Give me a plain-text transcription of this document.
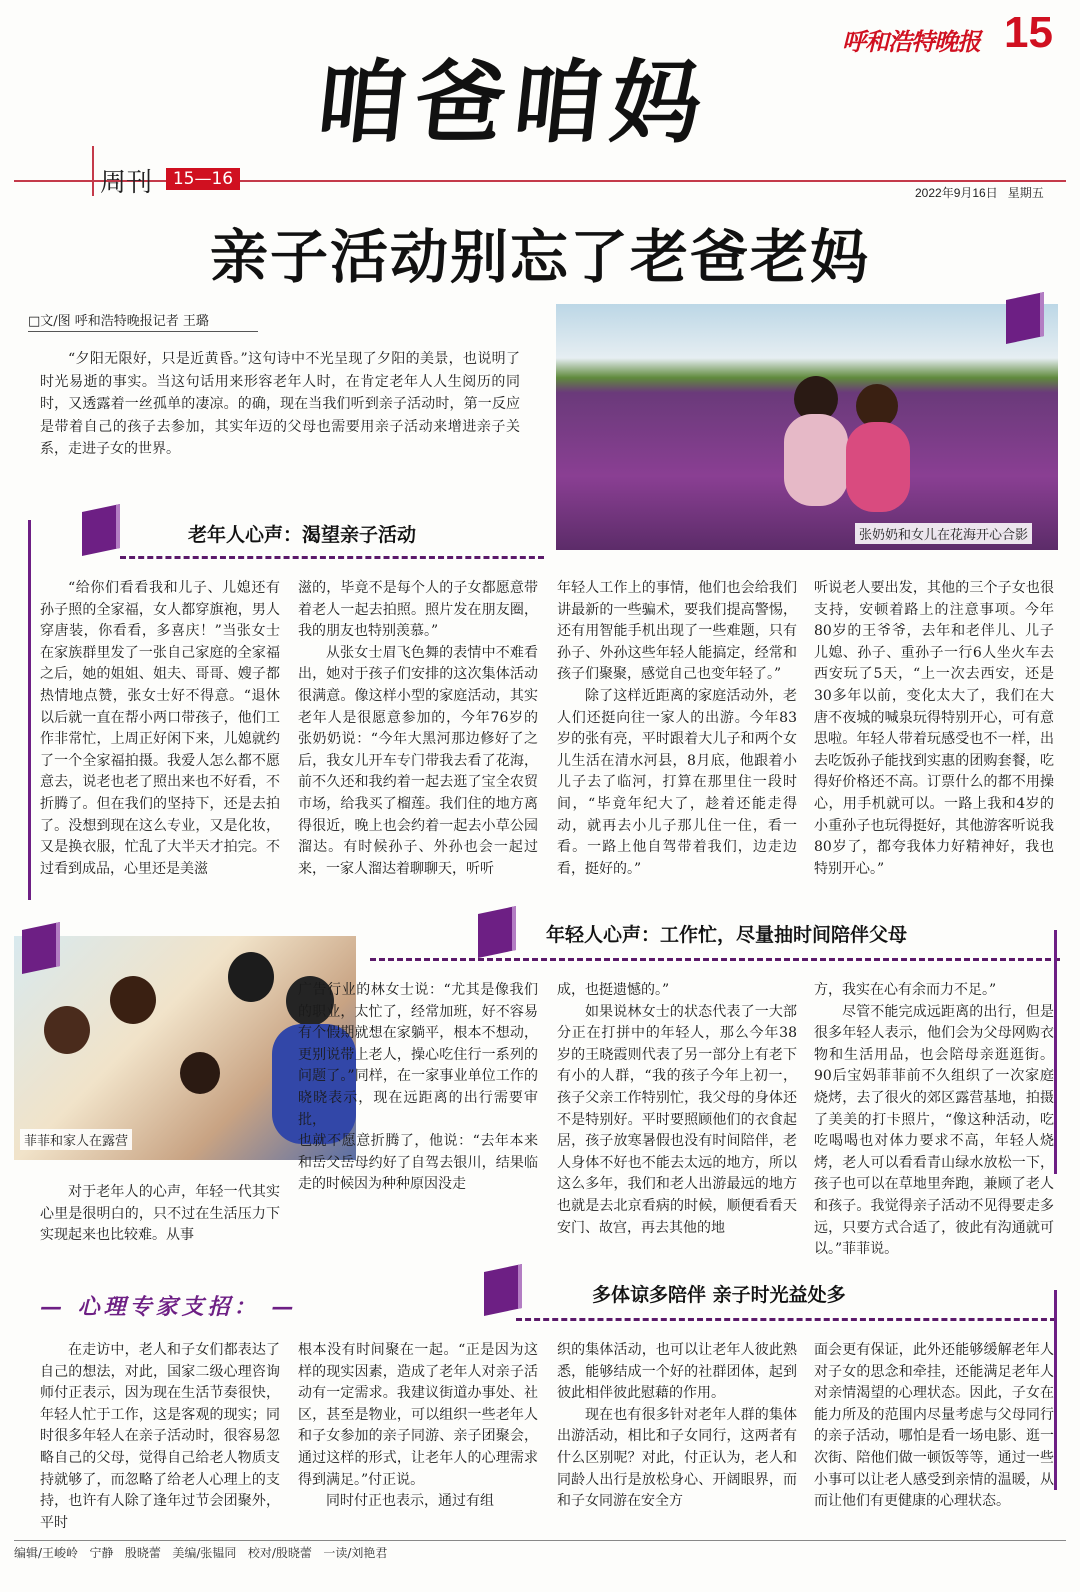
呼和浩特晚报 15
咱爸咱妈
周刊	15—16
2022年9月16日 星期五
亲子活动别忘了老爸老妈
□文/图 呼和浩特晚报记者 王璐

“夕阳无限好，只是近黄昏。”这句诗中不光呈现了夕阳的美景，也说明了时光易逝的事实。当这句话用来形容老年人时，在肯定老年人人生阅历的同时，又透露着一丝孤单的凄凉。的确，现在当我们听到亲子活动时，第一反应是带着自己的孩子去参加，其实年迈的父母也需要用亲子活动来增进亲子关系，走进子女的世界。

张奶奶和女儿在花海开心合影
老年人心声：渴望亲子活动

“给你们看看我和儿子、儿媳还有孙子照的全家福，女人都穿旗袍，男人穿唐装，你看看，多喜庆！”当张女士在家族群里发了一张自己家庭的全家福之后，她的姐姐、姐夫、哥哥、嫂子都热情地点赞，张女士好不得意。“退休以后就一直在帮小两口带孩子，他们工作非常忙，上周正好闲下来，儿媳就约了一个全家福拍摄。我爱人怎么都不愿意去，说老也老了照出来也不好看，不折腾了。但在我们的坚持下，还是去拍了。没想到现在这么专业，又是化妆，又是换衣服，忙乱了大半天才拍完。不过看到成品，心里还是美滋

滋的，毕竟不是每个人的子女都愿意带着老人一起去拍照。照片发在朋友圈，我的朋友也特别羡慕。”

从张女士眉飞色舞的表情中不难看出，她对于孩子们安排的这次集体活动很满意。像这样小型的家庭活动，其实老年人是很愿意参加的，今年76岁的张奶奶说：“今年大黑河那边修好了之后，我女儿开车专门带我去看了花海，前不久还和我约着一起去逛了宝全农贸市场，给我买了榴莲。我们住的地方离得很近，晚上也会约着一起去小草公园溜达。有时候孙子、外孙也会一起过来，一家人溜达着聊聊天，听听

年轻人工作上的事情，他们也会给我们讲最新的一些骗术，要我们提高警惕，还有用智能手机出现了一些难题，只有孙子、外孙这些年轻人能搞定，经常和孩子们聚聚，感觉自己也变年轻了。”

除了这样近距离的家庭活动外，老人们还挺向往一家人的出游。今年83岁的张有亮，平时跟着大儿子和两个女儿生活在清水河县，8月底，他跟着小儿子去了临河，打算在那里住一段时间，“毕竟年纪大了，趁着还能走得动，就再去小儿子那儿住一住，看一看。一路上他自驾带着我们，边走边看，挺好的。”

听说老人要出发，其他的三个子女也很支持，安顿着路上的注意事项。今年80岁的王爷爷，去年和老伴儿、儿子儿媳、孙子、重孙子一行6人坐火车去西安玩了5天，“上一次去西安，还是30多年以前，变化太大了，我们在大唐不夜城的喊泉玩得特别开心，可有意思啦。年轻人带着玩感受也不一样，出去吃饭孙子能找到实惠的团购套餐，吃得好价格还不高。订票什么的都不用操心，用手机就可以。一路上我和4岁的小重孙子也玩得挺好，其他游客听说我80岁了，都夸我体力好精神好，我也特别开心。”

菲菲和家人在露营
年轻人心声：工作忙，尽量抽时间陪伴父母

对于老年人的心声，年轻一代其实心里是很明白的，只不过在生活压力下实现起来也比较难。从事

广告行业的林女士说：“尤其是像我们的职业，太忙了，经常加班，好不容易有个假期就想在家躺平，根本不想动，更别说带上老人，操心吃住行一系列的问题了。”同样，在一家事业单位工作的晓晓表示，现在远距离的出行需要审批，

也就不愿意折腾了，他说：“去年本来和岳父岳母约好了自驾去银川，结果临走的时候因为种种原因没走

成，也挺遗憾的。”

如果说林女士的状态代表了一大部分正在打拼中的年轻人，那么今年38岁的王晓霞则代表了另一部分上有老下有小的人群，“我的孩子今年上初一，孩子父亲工作特别忙，我父母的身体还不是特别好。平时要照顾他们的衣食起居，孩子放寒暑假也没有时间陪伴，老人身体不好也不能去太远的地方，所以这么多年，我们和老人出游最远的地方也就是去北京看病的时候，顺便看看天安门、故宫，再去其他的地

方，我实在心有余而力不足。”

尽管不能完成远距离的出行，但是很多年轻人表示，他们会为父母网购衣物和生活用品，也会陪母亲逛逛街。90后宝妈菲菲前不久组织了一次家庭烧烤，去了很火的郊区露营基地，拍摄了美美的打卡照片，“像这种活动，吃吃喝喝也对体力要求不高，年轻人烧烤，老人可以看看青山绿水放松一下，孩子也可以在草地里奔跑，兼顾了老人和孩子。我觉得亲子活动不见得要走多远，只要方式合适了，彼此有沟通就可以。”菲菲说。

— 心理专家支招： —	多体谅多陪伴 亲子时光益处多

在走访中，老人和子女们都表达了自己的想法，对此，国家二级心理咨询师付正表示，因为现在生活节奏很快，年轻人忙于工作，这是客观的现实；同时很多年轻人在亲子活动时，很容易忽略自己的父母，觉得自己给老人物质支持就够了，而忽略了给老人心理上的支持，也许有人除了逢年过节会团聚外，平时

根本没有时间聚在一起。“正是因为这样的现实因素，造成了老年人对亲子活动有一定需求。我建议街道办事处、社区，甚至是物业，可以组织一些老年人和子女参加的亲子同游、亲子团聚会，通过这样的形式，让老年人的心理需求得到满足。”付正说。

同时付正也表示，通过有组

织的集体活动，也可以让老年人彼此熟悉，能够结成一个好的社群团体，起到彼此相伴彼此慰藉的作用。

现在也有很多针对老年人群的集体出游活动，相比和子女同行，这两者有什么区别呢？对此，付正认为，老人和同龄人出行是放松身心、开阔眼界，而和子女同游在安全方

面会更有保证，此外还能够缓解老年人对子女的思念和牵挂，还能满足老年人对亲情渴望的心理状态。因此，子女在能力所及的范围内尽量考虑与父母同行的亲子活动，哪怕是看一场电影、逛一次街、陪他们做一顿饭等等，通过一些小事可以让老人感受到亲情的温暖，从而让他们有更健康的心理状态。

编辑/王峻岭   宁静   殷晓蕾   美编/张韫同   校对/殷晓蕾   一读/刘艳君
